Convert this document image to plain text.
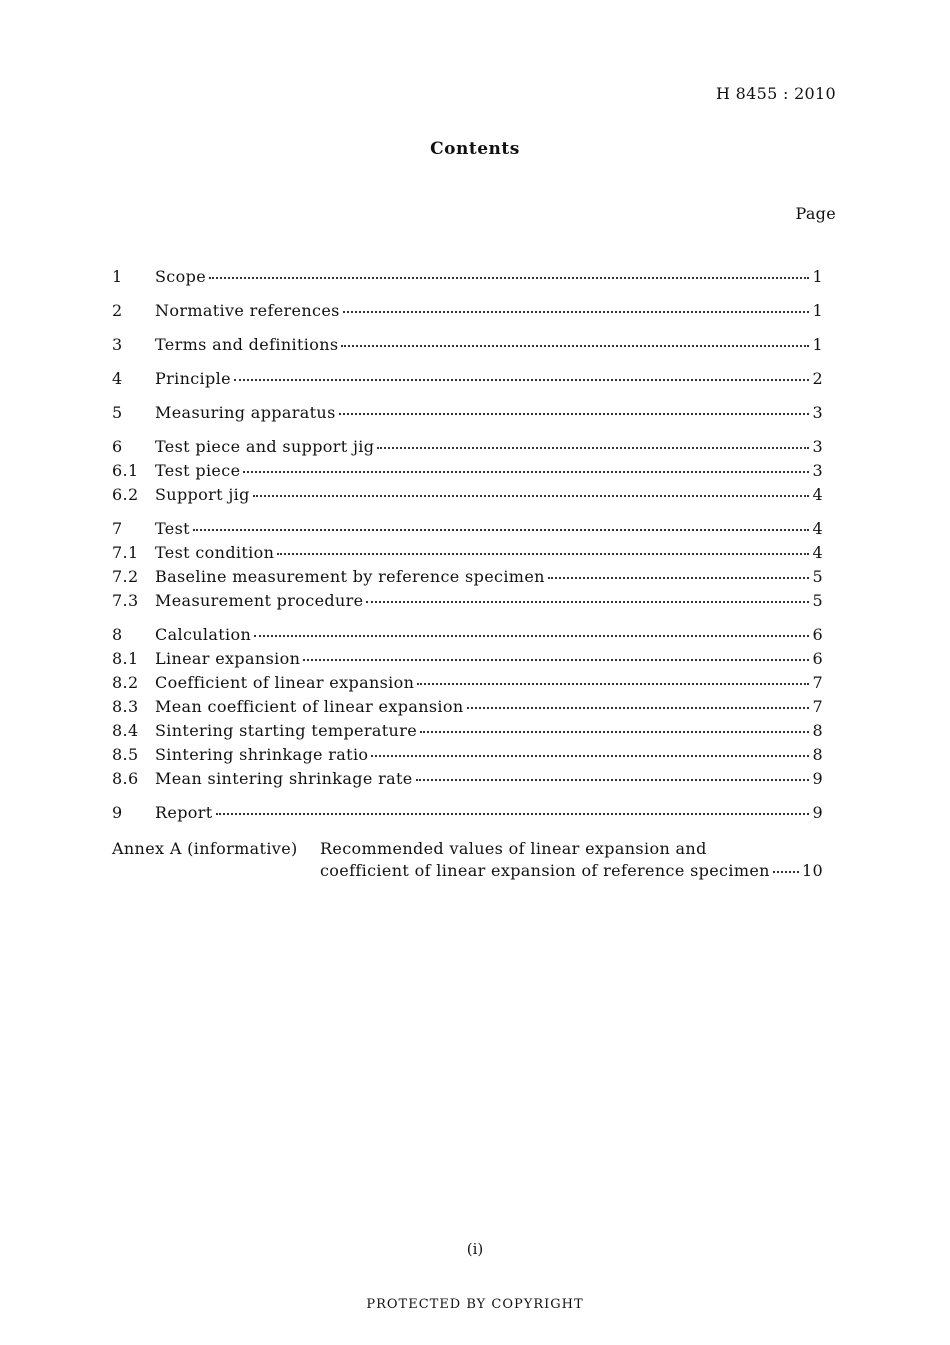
H 8455 : 2010
Contents
Page
1	Scope	1
2	Normative references	1
3	Terms and definitions	1
4	Principle	2
5	Measuring apparatus	3
6	Test piece and support jig	3
6.1	Test piece	3
6.2	Support jig	4
7	Test	4
7.1	Test condition	4
7.2	Baseline measurement by reference specimen	5
7.3	Measurement procedure	5
8	Calculation	6
8.1	Linear expansion	6
8.2	Coefficient of linear expansion	7
8.3	Mean coefficient of linear expansion	7
8.4	Sintering starting temperature	8
8.5	Sintering shrinkage ratio	8
8.6	Mean sintering shrinkage rate	9
9	Report	9
Annex A (informative)	Recommended values of linear expansion and
coefficient of linear expansion of reference specimen 10
(i)
PROTECTED BY COPYRIGHT
